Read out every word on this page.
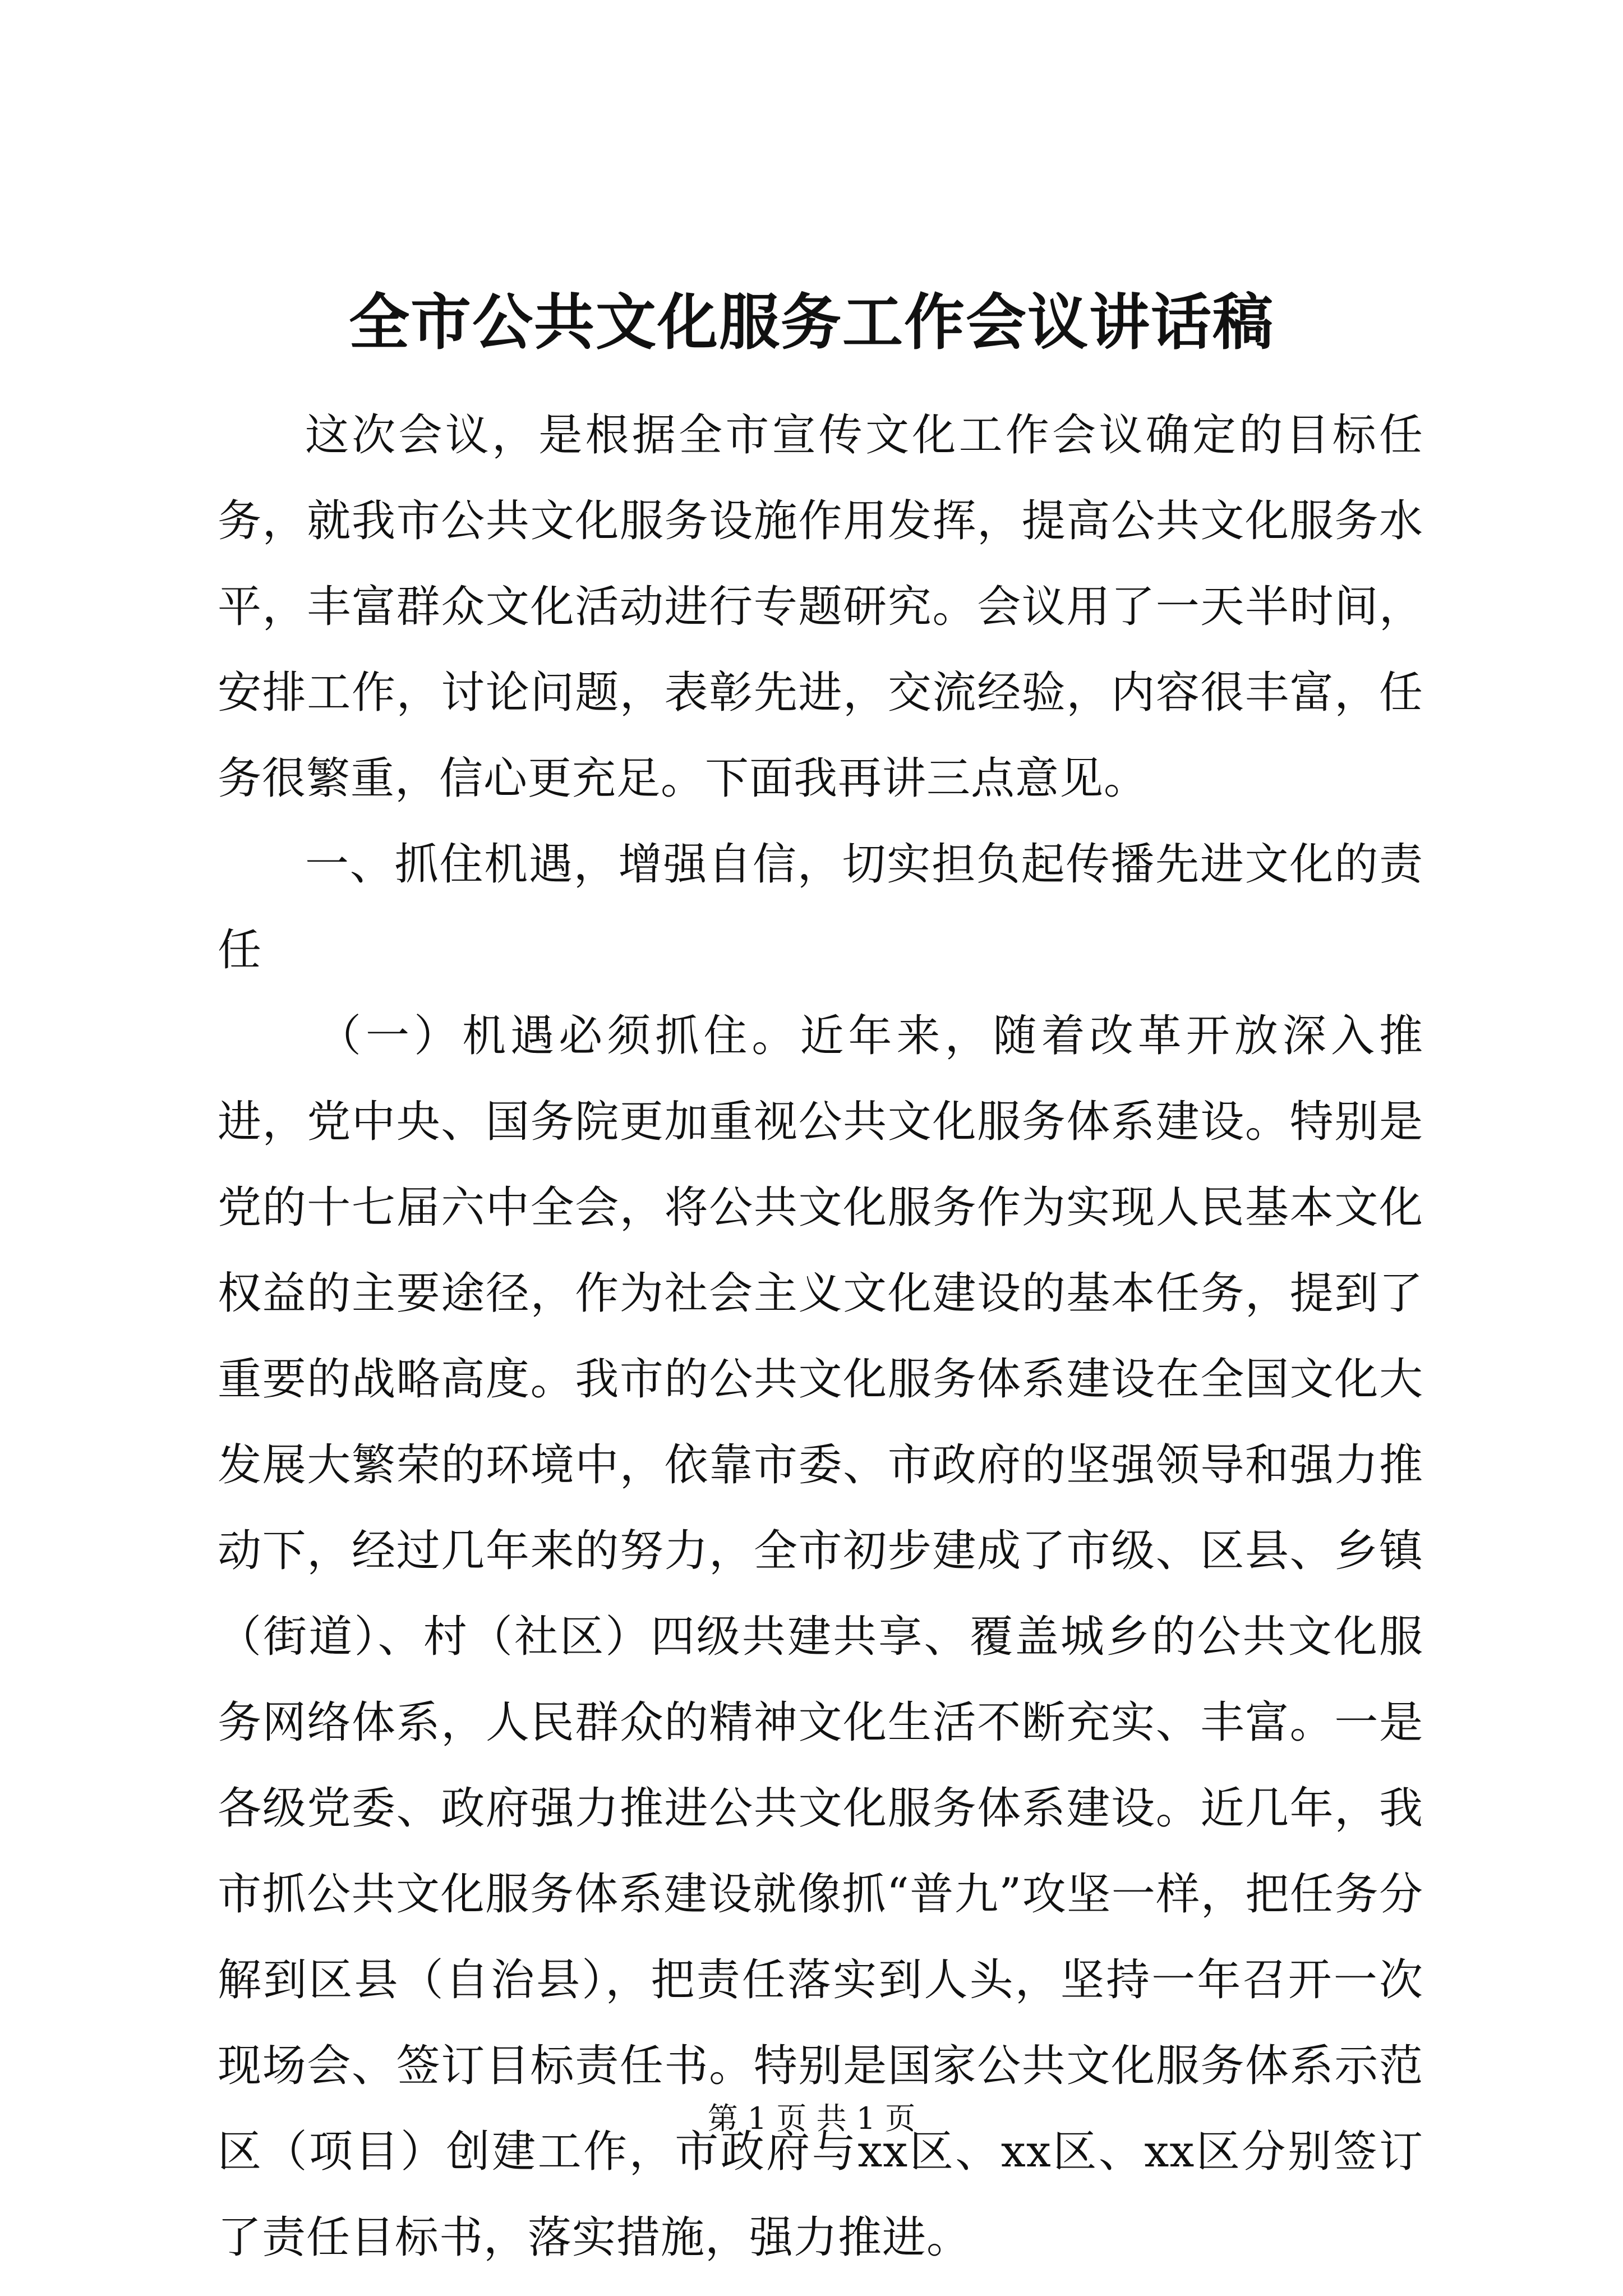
全市公共文化服务工作会议讲话稿

这次会议，是根据全市宣传文化工作会议确定的目标任务，就我市公共文化服务设施作用发挥，提高公共文化服务水平，丰富群众文化活动进行专题研究。会议用了一天半时间，安排工作，讨论问题，表彰先进，交流经验，内容很丰富，任务很繁重，信心更充足。下面我再讲三点意见。

一、抓住机遇，增强自信，切实担负起传播先进文化的责任

（一）机遇必须抓住。近年来，随着改革开放深入推进，党中央、国务院更加重视公共文化服务体系建设。特别是党的十七届六中全会，将公共文化服务作为实现人民基本文化权益的主要途径，作为社会主义文化建设的基本任务，提到了重要的战略高度。我市的公共文化服务体系建设在全国文化大发展大繁荣的环境中，依靠市委、市政府的坚强领导和强力推动下，经过几年来的努力，全市初步建成了市级、区县、乡镇（街道）、村（社区）四级共建共享、覆盖城乡的公共文化服务网络体系，人民群众的精神文化生活不断充实、丰富。一是各级党委、政府强力推进公共文化服务体系建设。近几年，我市抓公共文化服务体系建设就像抓“普九”攻坚一样，把任务分解到区县（自治县），把责任落实到人头，坚持一年召开一次现场会、签订目标责任书。特别是国家公共文化服务体系示范区（项目）创建工作，市政府与xx区、xx区、xx区分别签订了责任目标书，落实措施，强力推进。

第 1 页 共 1 页
